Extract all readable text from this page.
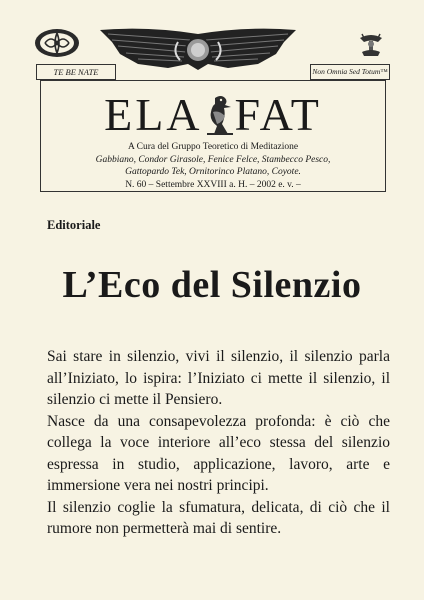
TE BE NATE	Non Omnia Sed Totum™
ELA FAT
A Cura del Gruppo Teoretico di Meditazione
Gabbiano, Condor Girasole, Fenice Felce, Stambecco Pesco,
Gattopardo Tek, Ornitorinco Platano, Coyote.
N. 60 – Settembre XXVIII a. H. – 2002 e. v. –
Editoriale
L’Eco del Silenzio

Sai stare in silenzio, vivi il silenzio, il silenzio parla all’Iniziato, lo ispira: l’Iniziato ci mette il silenzio, il silenzio ci mette il Pensiero.

Nasce da una consapevolezza profonda: è ciò che collega la voce interiore all’eco stessa del silenzio espressa in studio, applicazione, lavoro, arte e immersione vera nei nostri principi.

Il silenzio coglie la sfumatura, delicata, di ciò che il rumore non permetterà mai di sentire.
